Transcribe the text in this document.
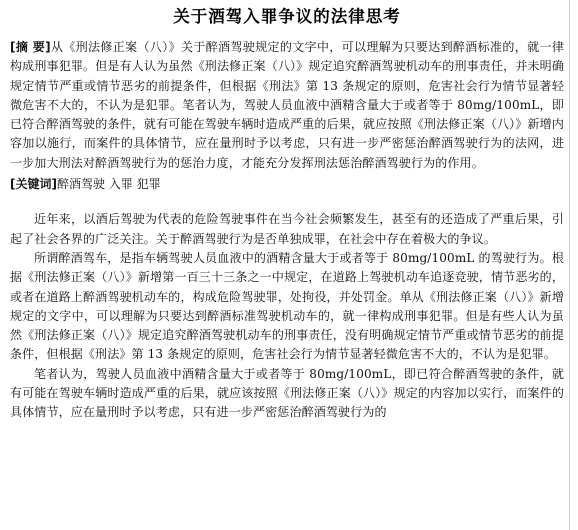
关于酒驾入罪争议的法律思考
[摘 要]从《刑法修正案（八）》关于醉酒驾驶规定的文字中，可以理解为只要达到醉酒标准的，就一律构成刑事犯罪。但是有人认为虽然《刑法修正案（八）》规定追究醉酒驾驶机动车的刑事责任，并未明确规定情节严重或情节恶劣的前提条件，但根据《刑法》第 13 条规定的原则，危害社会行为情节显著轻微危害不大的，不认为是犯罪。笔者认为，驾驶人员血液中酒精含量大于或者等于 80mg/100mL，即已符合醉酒驾驶的条件，就有可能在驾驶车辆时造成严重的后果，就应按照《刑法修正案（八）》新增内容加以施行，而案件的具体情节，应在量刑时予以考虑，只有进一步严密惩治醉酒驾驶行为的法网，进一步加大刑法对醉酒驾驶行为的惩治力度，才能充分发挥刑法惩治醉酒驾驶行为的作用。
[关键词]醉酒驾驶 入罪 犯罪

近年来，以酒后驾驶为代表的危险驾驶事件在当今社会频繁发生，甚至有的还造成了严重后果，引起了社会各界的广泛关注。关于醉酒驾驶行为是否单独成罪，在社会中存在着极大的争议。

所谓醉酒驾车，是指车辆驾驶人员血液中的酒精含量大于或者等于 80mg/100mL 的驾驶行为。根据《刑法修正案（八）》新增第一百三十三条之一中规定，在道路上驾驶机动车追逐竞驶，情节恶劣的，或者在道路上醉酒驾驶机动车的，构成危险驾驶罪，处拘役，并处罚金。单从《刑法修正案（八）》新增规定的文字中，可以理解为只要达到醉酒标准驾驶机动车的，就一律构成刑事犯罪。但是有些人认为虽然《刑法修正案（八）》规定追究醉酒驾驶机动车的刑事责任，没有明确规定情节严重或情节恶劣的前提条件，但根据《刑法》第 13 条规定的原则，危害社会行为情节显著轻微危害不大的，不认为是犯罪。

笔者认为，驾驶人员血液中酒精含量大于或者等于 80mg/100mL，即已符合醉酒驾驶的条件，就有可能在驾驶车辆时造成严重的后果，就应该按照《刑法修正案（八）》规定的内容加以实行，而案件的具体情节，应在量刑时予以考虑，只有进一步严密惩治醉酒驾驶行为的
